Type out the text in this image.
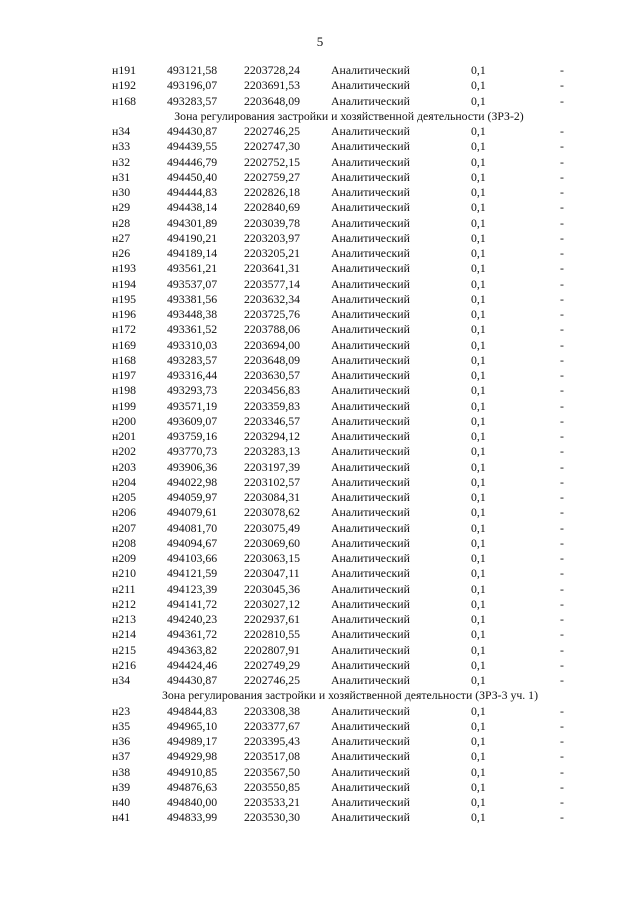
5
н191	493121,58 2203728,24	Аналитический	0,1	-
н192	493196,07 2203691,53	Аналитический	0,1	-
н168	493283,57 2203648,09	Аналитический	0,1	-
Зона регулирования застройки и хозяйственной деятельности (ЗРЗ-2)
н34	494430,87 2202746,25	Аналитический	0,1	-
н33	494439,55 2202747,30	Аналитический	0,1	-
н32	494446,79 2202752,15	Аналитический	0,1	-
н31	494450,40 2202759,27	Аналитический	0,1	-
н30	494444,83 2202826,18	Аналитический	0,1	-
н29	494438,14 2202840,69	Аналитический	0,1	-
н28	494301,89 2203039,78	Аналитический	0,1	-
н27	494190,21 2203203,97	Аналитический	0,1	-
н26	494189,14 2203205,21	Аналитический	0,1	-
н193	493561,21 2203641,31	Аналитический	0,1	-
н194	493537,07 2203577,14	Аналитический	0,1	-
н195	493381,56 2203632,34	Аналитический	0,1	-
н196	493448,38 2203725,76	Аналитический	0,1	-
н172	493361,52 2203788,06	Аналитический	0,1	-
н169	493310,03 2203694,00	Аналитический	0,1	-
н168	493283,57 2203648,09	Аналитический	0,1	-
н197	493316,44 2203630,57	Аналитический	0,1	-
н198	493293,73 2203456,83	Аналитический	0,1	-
н199	493571,19 2203359,83	Аналитический	0,1	-
н200	493609,07 2203346,57	Аналитический	0,1	-
н201	493759,16 2203294,12	Аналитический	0,1	-
н202	493770,73 2203283,13	Аналитический	0,1	-
н203	493906,36 2203197,39	Аналитический	0,1	-
н204	494022,98 2203102,57	Аналитический	0,1	-
н205	494059,97 2203084,31	Аналитический	0,1	-
н206	494079,61 2203078,62	Аналитический	0,1	-
н207	494081,70 2203075,49	Аналитический	0,1	-
н208	494094,67 2203069,60	Аналитический	0,1	-
н209	494103,66 2203063,15	Аналитический	0,1	-
н210	494121,59 2203047,11	Аналитический	0,1	-
н211	494123,39 2203045,36	Аналитический	0,1	-
н212	494141,72 2203027,12	Аналитический	0,1	-
н213	494240,23 2202937,61	Аналитический	0,1	-
н214	494361,72 2202810,55	Аналитический	0,1	-
н215	494363,82 2202807,91	Аналитический	0,1	-
н216	494424,46 2202749,29	Аналитический	0,1	-
н34	494430,87 2202746,25	Аналитический	0,1	-
Зона регулирования застройки и хозяйственной деятельности (ЗРЗ-3 уч. 1)
н23	494844,83 2203308,38	Аналитический	0,1	-
н35	494965,10 2203377,67	Аналитический	0,1	-
н36	494989,17 2203395,43	Аналитический	0,1	-
н37	494929,98 2203517,08	Аналитический	0,1	-
н38	494910,85 2203567,50	Аналитический	0,1	-
н39	494876,63 2203550,85	Аналитический	0,1	-
н40	494840,00 2203533,21	Аналитический	0,1	-
н41	494833,99 2203530,30	Аналитический	0,1	-
